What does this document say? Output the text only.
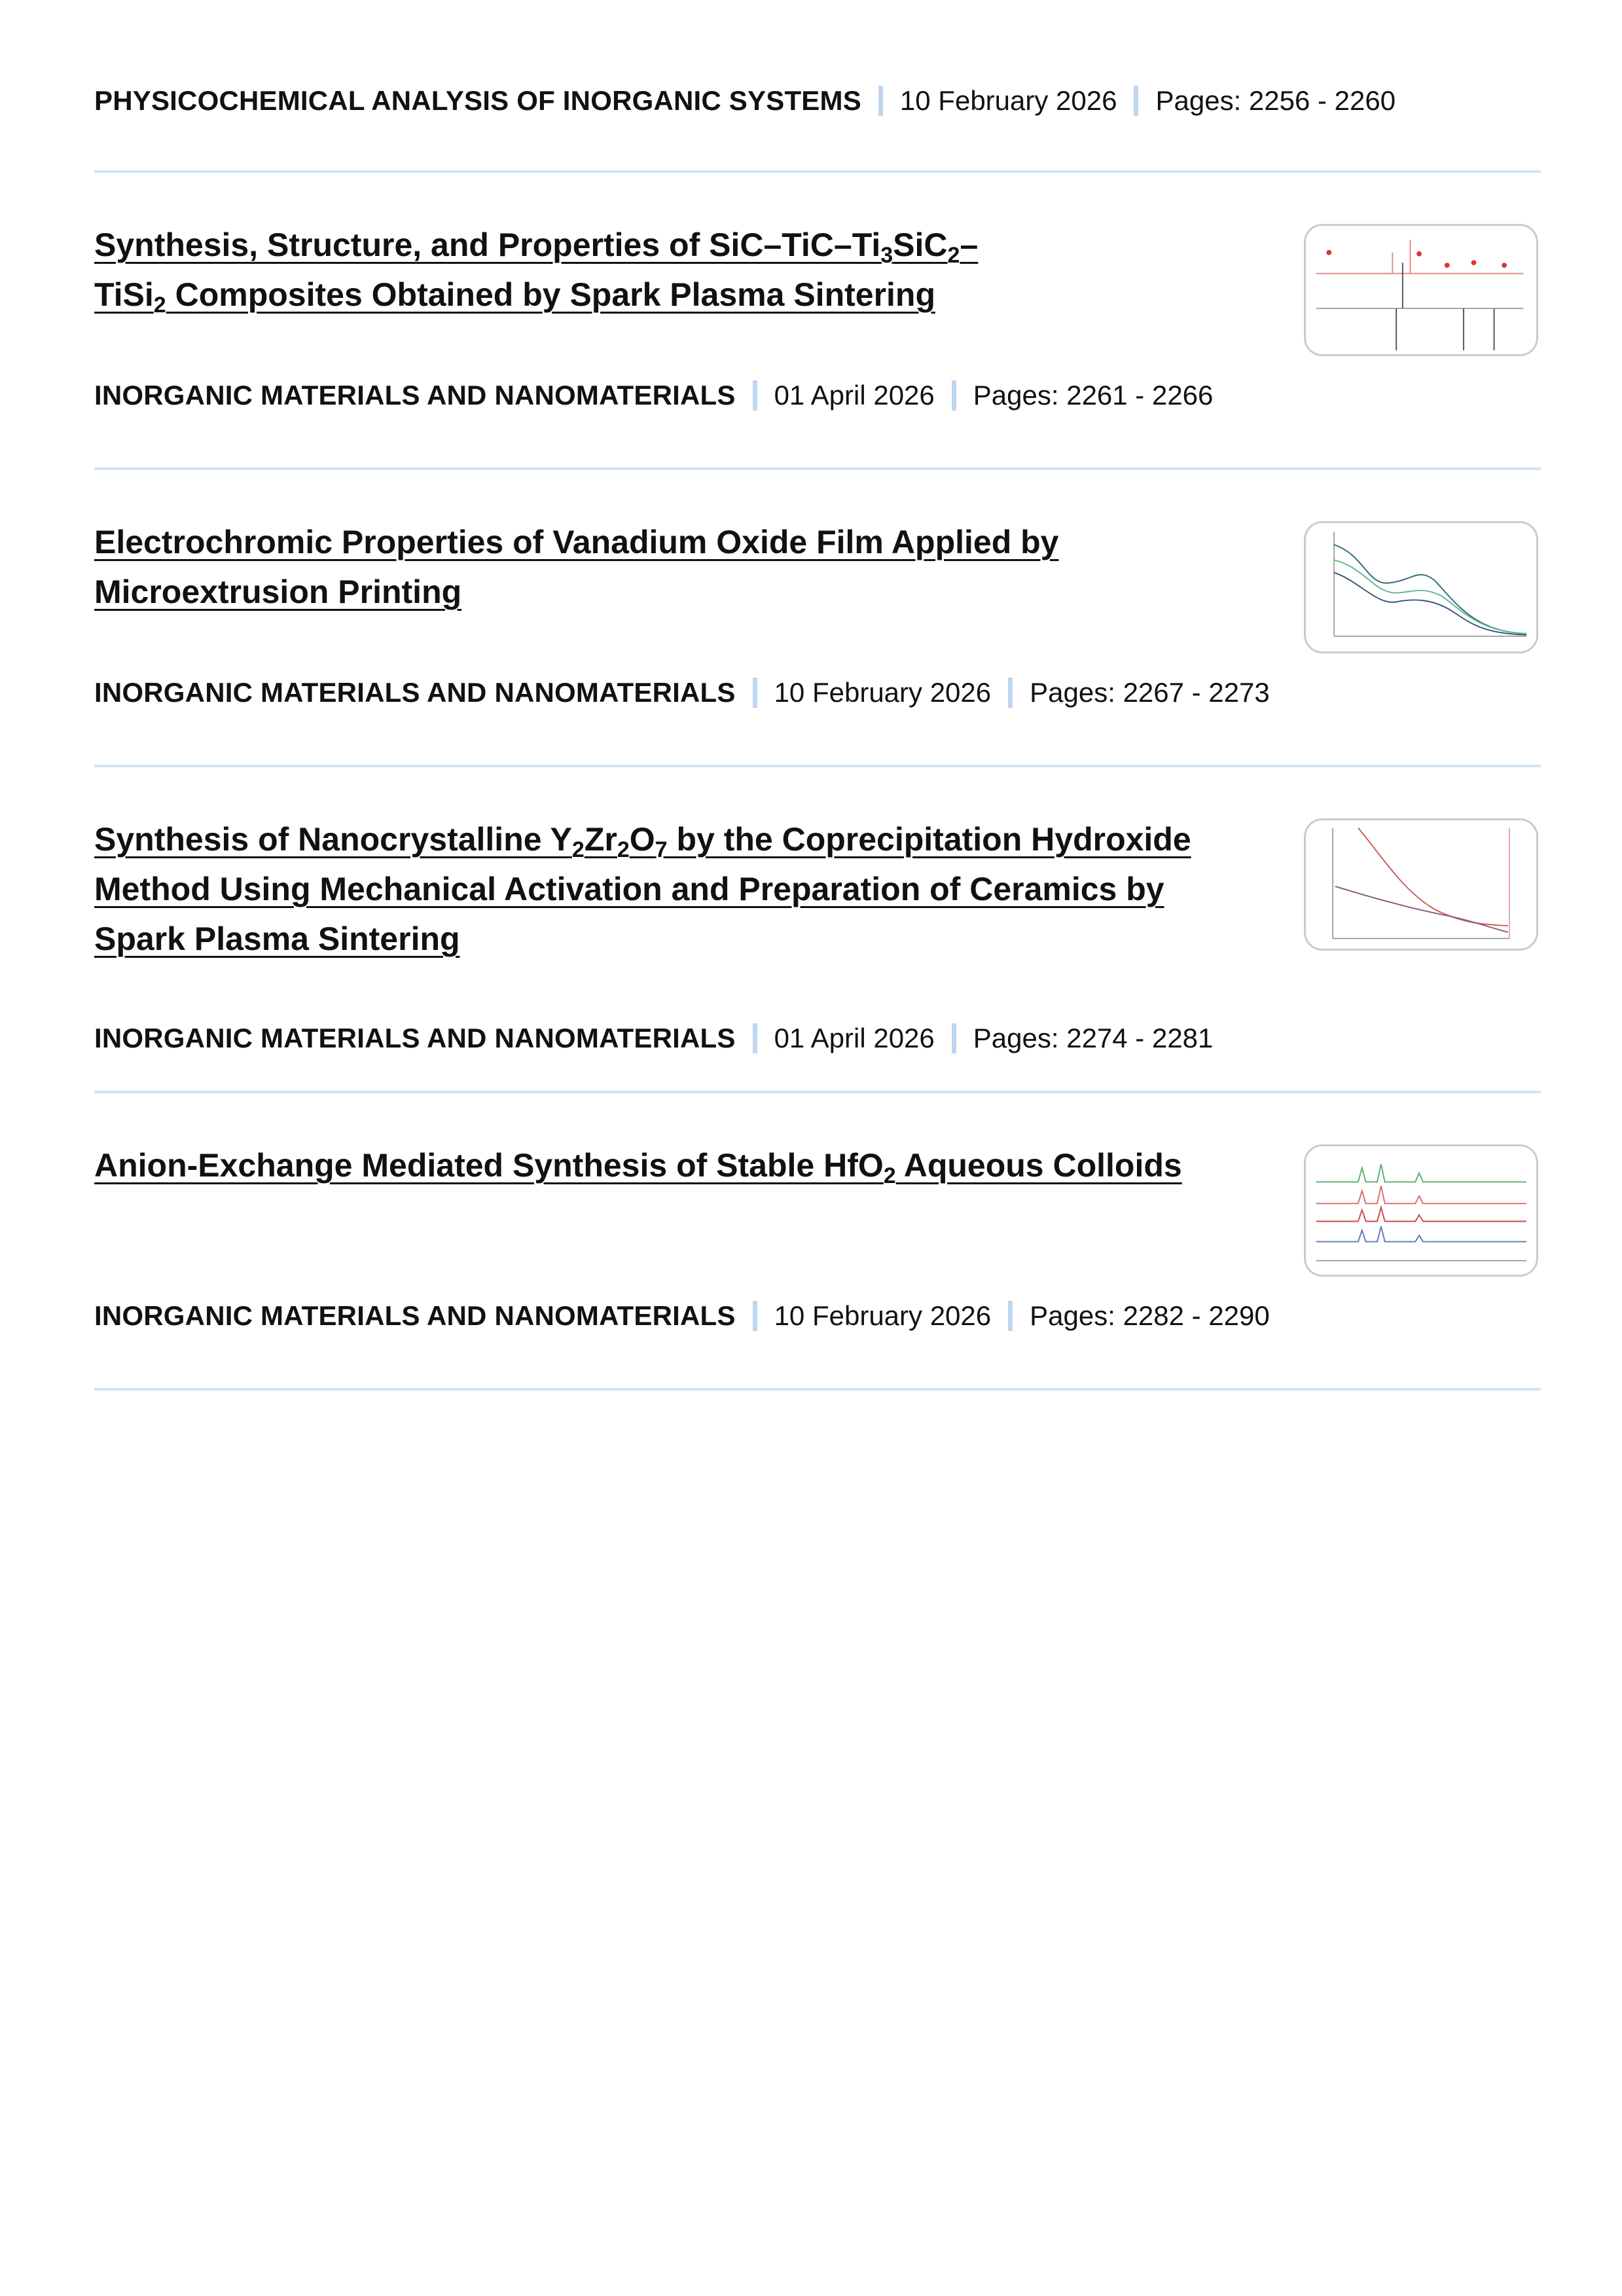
PHYSICOCHEMICAL ANALYSIS OF INORGANIC SYSTEMS 10 February 2026 Pages: 2256 - 2260
Synthesis, Structure, and Properties of SiC–$TiC-Ti_3SiC_2-$
TiSi$_2$ Composites Obtained by Spark Plasma Sintering
INORGANIC MATERIALS AND NANOMATERIALS 01 April 2026 Pages: 2261 - 2266
Electrochromic Properties of Vanadium Oxide Film Applied by Microextrusion Printing
INORGANIC MATERIALS AND NANOMATERIALS 10 February 2026 Pages: 2267 - 2273
Synthesis of Nanocrystalline $Y_2Zr_2O_7$ by the Coprecipitation Hydroxide Method Using Mechanical Activation and Preparation of Ceramics by Spark Plasma Sintering
INORGANIC MATERIALS AND NANOMATERIALS 01 April 2026 Pages: 2274 - 2281
Anion-Exchange Mediated Synthesis of Stable HfO$_2$ Aqueous Colloids
INORGANIC MATERIALS AND NANOMATERIALS 10 February 2026 Pages: 2282 - 2290
